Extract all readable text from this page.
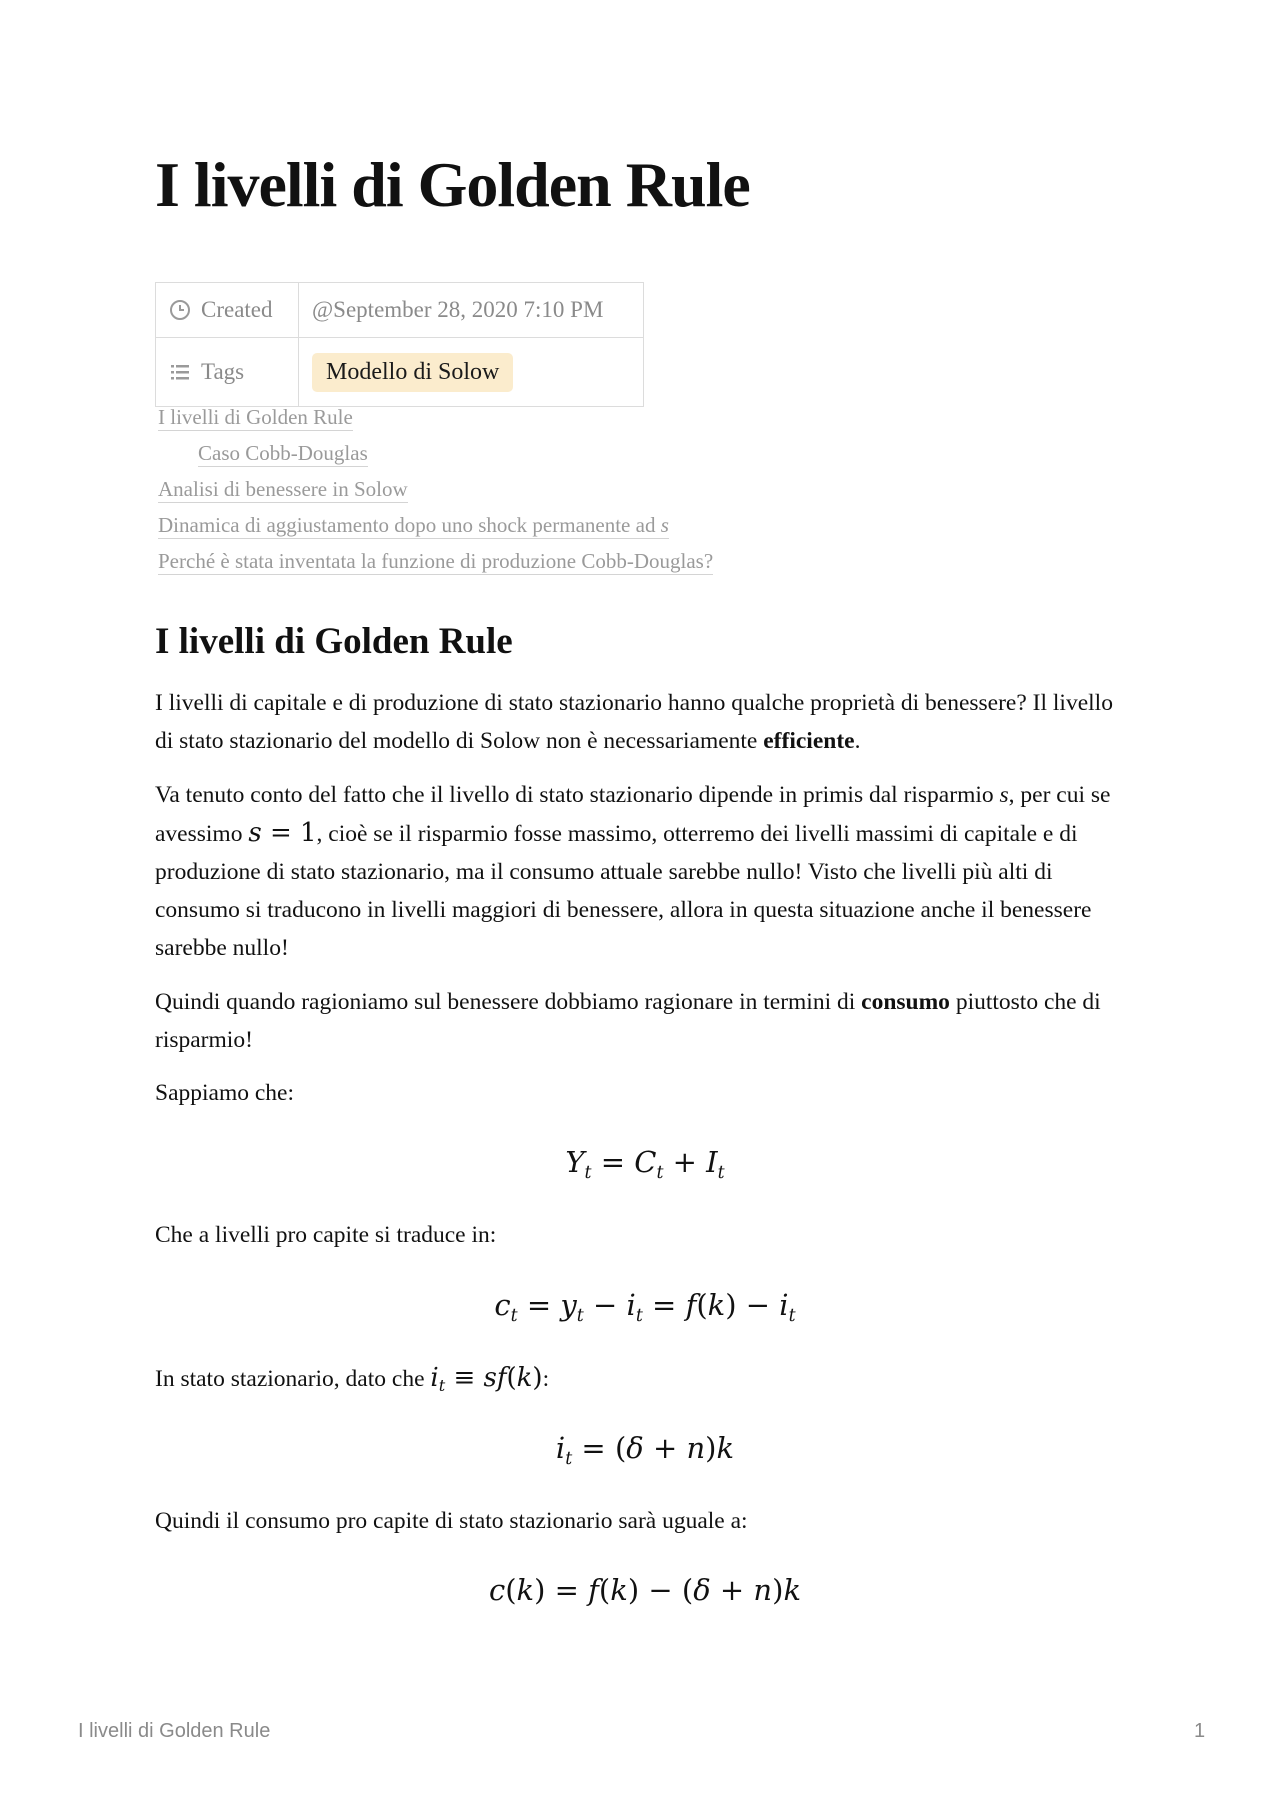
I livelli di Golden Rule
Created	@September 28, 2020 7:10 PM

Tags	Modello di Solow
I livelli di Golden Rule
Caso Cobb-Douglas
Analisi di benessere in Solow
Dinamica di aggiustamento dopo uno shock permanente ad s
Perché è stata inventata la funzione di produzione Cobb-Douglas?
I livelli di Golden Rule

I livelli di capitale e di produzione di stato stazionario hanno qualche proprietà di benessere? Il livello di stato stazionario del modello di Solow non è necessariamente efficiente.

Va tenuto conto del fatto che il livello di stato stazionario dipende in primis dal risparmio s, per cui se avessimo s = 1, cioè se il risparmio fosse massimo, otterremo dei livelli massimi di capitale e di produzione di stato stazionario, ma il consumo attuale sarebbe nullo! Visto che livelli più alti di consumo si traducono in livelli maggiori di benessere, allora in questa situazione anche il benessere sarebbe nullo!

Quindi quando ragioniamo sul benessere dobbiamo ragionare in termini di consumo piuttosto che di risparmio!

Sappiamo che:

$Y_t = C_t + I_t$

Che a livelli pro capite si traduce in:

$c_t = y_t - i_t = f(k) - i_t$

In stato stazionario, dato che $i_t \equiv sf(k)$:

$i_t = (\delta + n)k$

Quindi il consumo pro capite di stato stazionario sarà uguale a:

c(k) = f(k) − (δ + n)k
I livelli di Golden Rule	1
